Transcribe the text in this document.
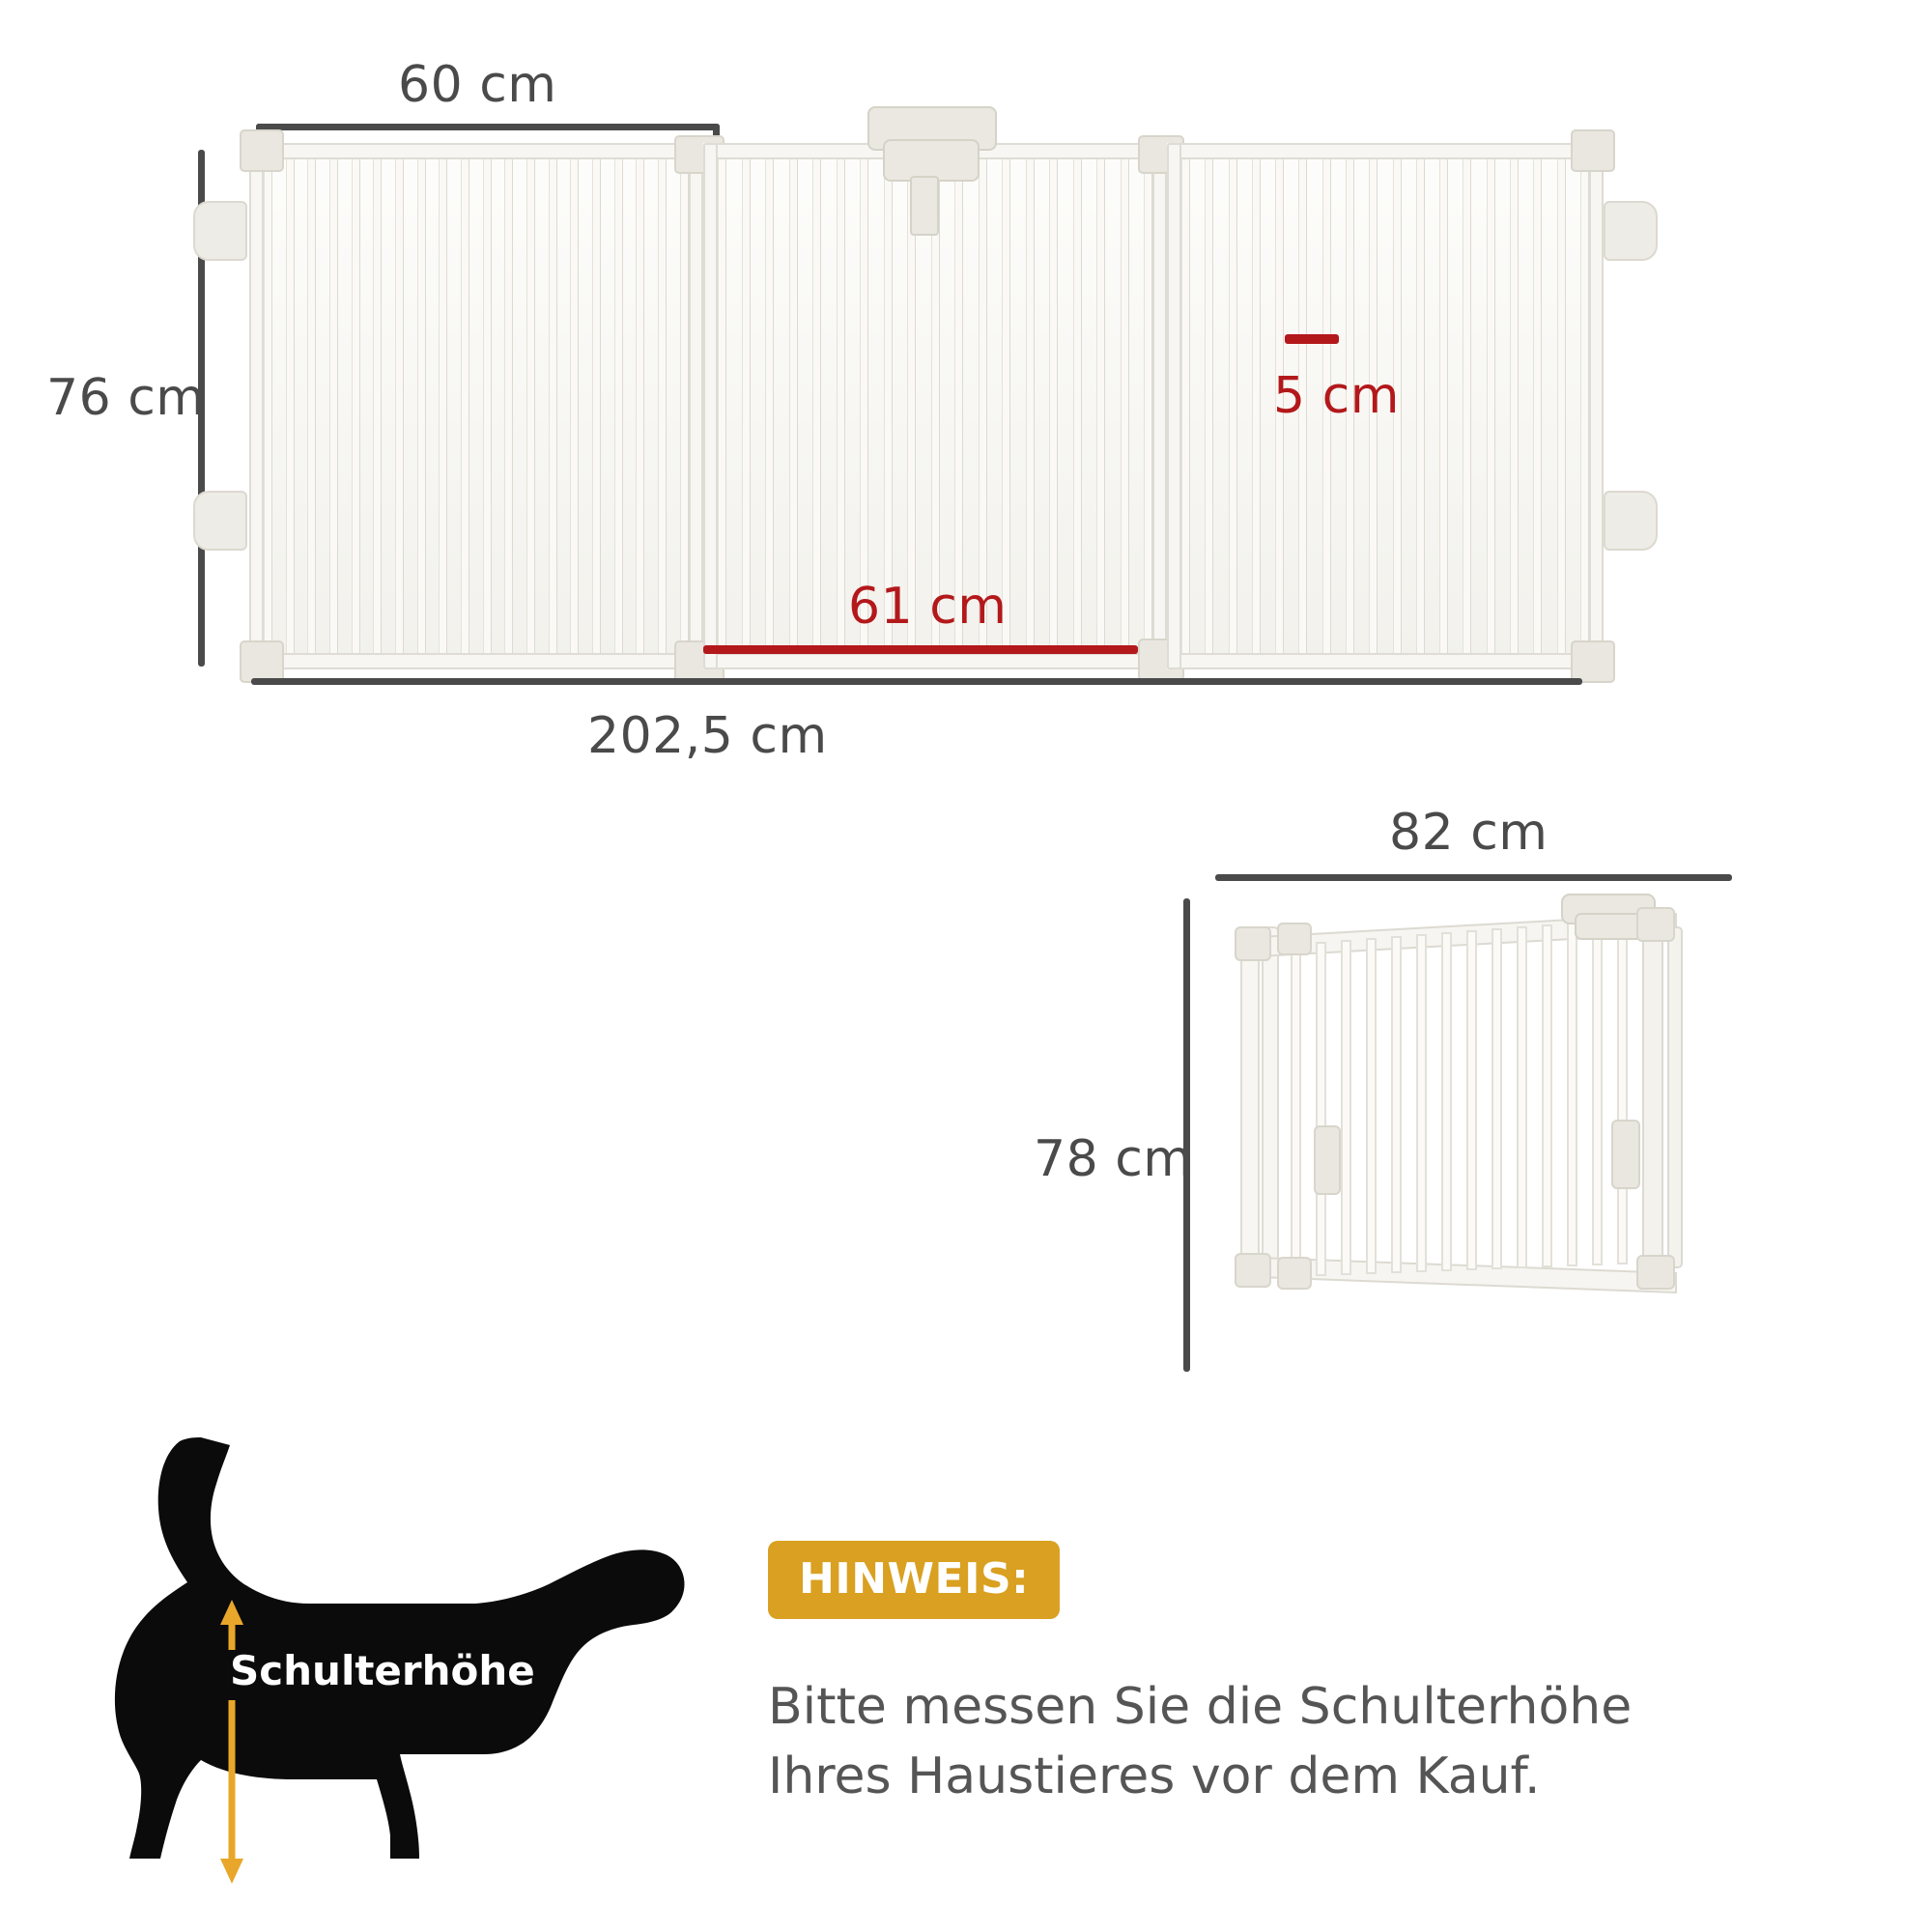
60 cm
76 cm	5 cm
61 cm
202,5 cm
82 cm
78 cm
Schulterhöhe
HINWEIS:
Bitte messen Sie die Schulterhöhe
Ihres Haustieres vor dem Kauf.
